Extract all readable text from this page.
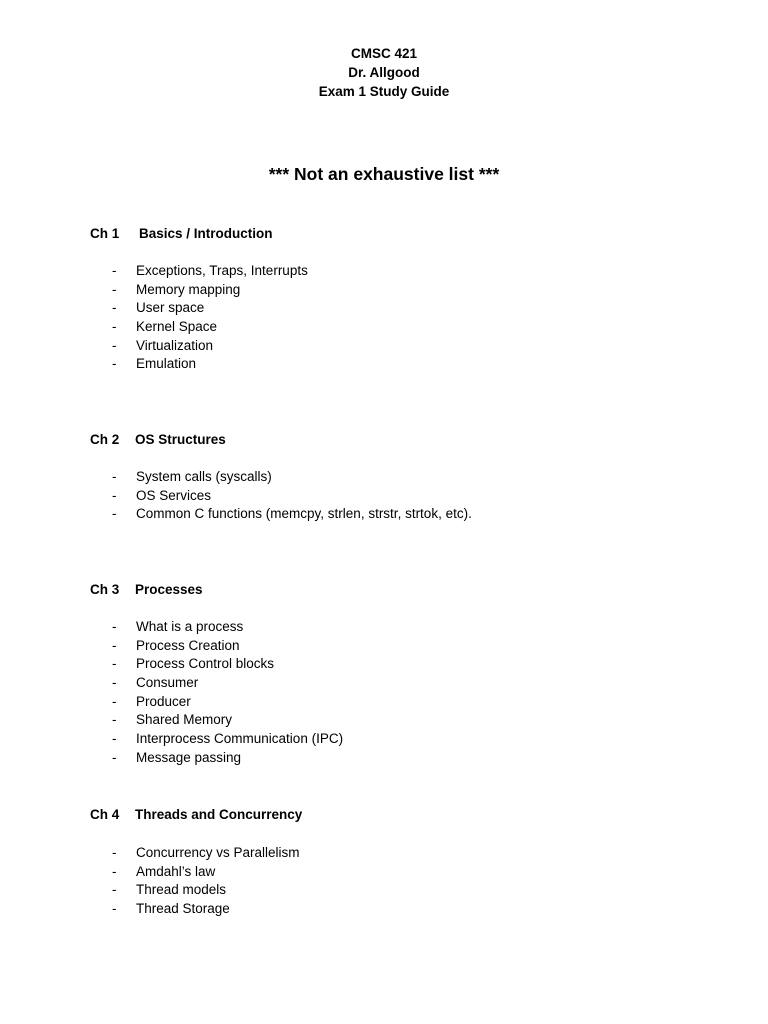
CMSC 421
Dr. Allgood
Exam 1 Study Guide
*** Not an exhaustive list ***
Ch 1 Basics / Introduction
- Exceptions, Traps, Interrupts
- Memory mapping
- User space
- Kernel Space
- Virtualization
- Emulation
Ch 2 OS Structures
- System calls (syscalls)
- OS Services
- Common C functions (memcpy, strlen, strstr, strtok, etc).
Ch 3 Processes
- What is a process
- Process Creation
- Process Control blocks
- Consumer
- Producer
- Shared Memory
- Interprocess Communication (IPC)
- Message passing
Ch 4 Threads and Concurrency
- Concurrency vs Parallelism
- Amdahl’s law
- Thread models
- Thread Storage
